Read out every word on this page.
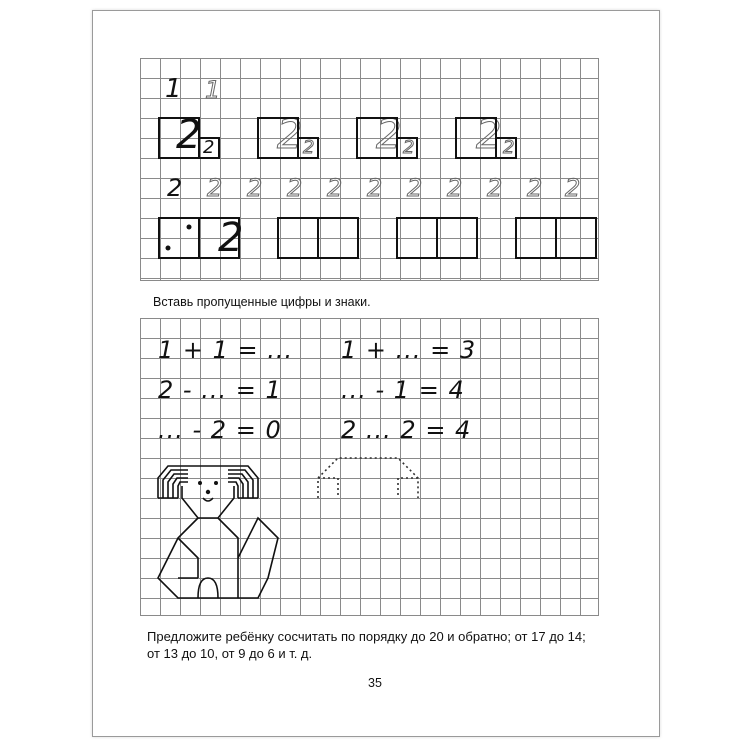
1 1
2 2 2 2 2 2 2 2
2 2 2 2 2 2 2 2 2 2 2
2
Вставь пропущенные цифры и знаки.
1 + 1 = ...
2 - ... = 1
... - 2 = 0
1 + ... = 3
... - 1 = 4
2 ... 2 = 4
Предложите ребёнку сосчитать по порядку до 20 и обратно; от 17 до 14; от 13 до 10, от 9 до 6 и т. д.
35
